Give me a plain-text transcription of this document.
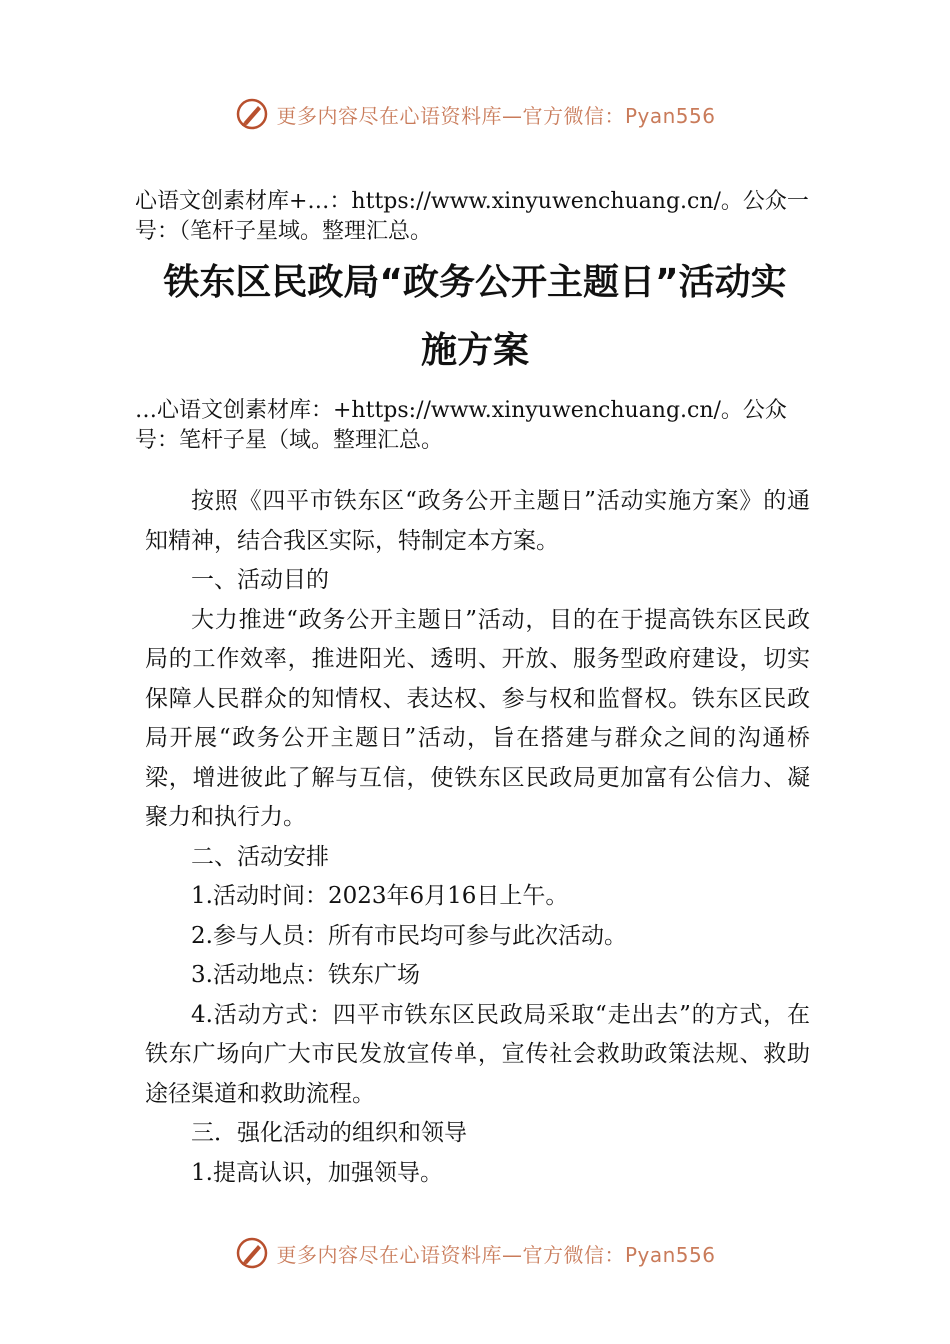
更多内容尽在心语资料库—官方微信：Pyan556
心语文创素材库+…：https://www.xinyuwenchuang.cn/。公众一号：（笔杆子星域。整理汇总。
铁东区民政局“政务公开主题日”活动实
施方案
…心语文创素材库：+https://www.xinyuwenchuang.cn/。公众号：笔杆子星（域。整理汇总。

按照《四平市铁东区“政务公开主题日”活动实施方案》的通知精神，结合我区实际，特制定本方案。

一、活动目的

大力推进“政务公开主题日”活动，目的在于提高铁东区民政局的工作效率，推进阳光、透明、开放、服务型政府建设，切实保障人民群众的知情权、表达权、参与权和监督权。铁东区民政局开展“政务公开主题日”活动，旨在搭建与群众之间的沟通桥梁，增进彼此了解与互信，使铁东区民政局更加富有公信力、凝聚力和执行力。

二、活动安排

1.活动时间：2023年6月16日上午。

2.参与人员：所有市民均可参与此次活动。

3.活动地点：铁东广场

4.活动方式：四平市铁东区民政局采取“走出去”的方式，在铁东广场向广大市民发放宣传单，宣传社会救助政策法规、救助途径渠道和救助流程。

三．强化活动的组织和领导

1.提高认识，加强领导。

更多内容尽在心语资料库—官方微信：Pyan556
